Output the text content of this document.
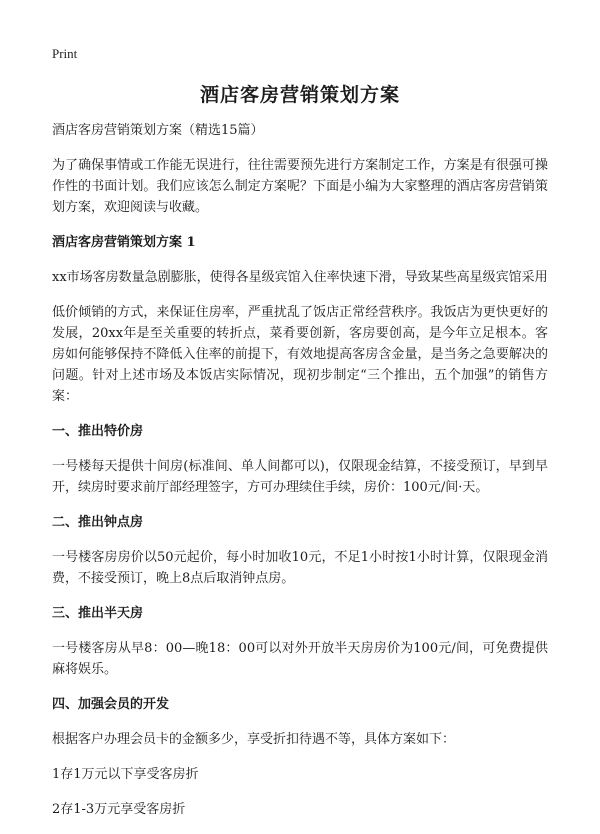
Print
酒店客房营销策划方案

酒店客房营销策划方案（精选15篇）

为了确保事情或工作能无误进行，往往需要预先进行方案制定工作，方案是有很强可操作性的书面计划。我们应该怎么制定方案呢？下面是小编为大家整理的酒店客房营销策划方案，欢迎阅读与收藏。

酒店客房营销策划方案 1

xx市场客房数量急剧膨胀，使得各星级宾馆入住率快速下滑，导致某些高星级宾馆采用

低价倾销的方式，来保证住房率，严重扰乱了饭店正常经营秩序。我饭店为更快更好的发展，20xx年是至关重要的转折点，菜肴要创新，客房要创高，是今年立足根本。客房如何能够保持不降低入住率的前提下，有效地提高客房含金量，是当务之急要解决的问题。针对上述市场及本饭店实际情况，现初步制定“三个推出，五个加强”的销售方案：

一、推出特价房

一号楼每天提供十间房(标准间、单人间都可以)，仅限现金结算，不接受预订，早到早开，续房时要求前厅部经理签字，方可办理续住手续，房价：100元/间·天。

二、推出钟点房

一号楼客房房价以50元起价，每小时加收10元，不足1小时按1小时计算，仅限现金消费，不接受预订，晚上8点后取消钟点房。

三、推出半天房

一号楼客房从早8：00—晚18：00可以对外开放半天房房价为100元/间，可免费提供麻将娱乐。

四、加强会员的开发

根据客户办理会员卡的金额多少，享受折扣待遇不等，具体方案如下：

1存1万元以下享受客房折

2存1-3万元享受客房折
